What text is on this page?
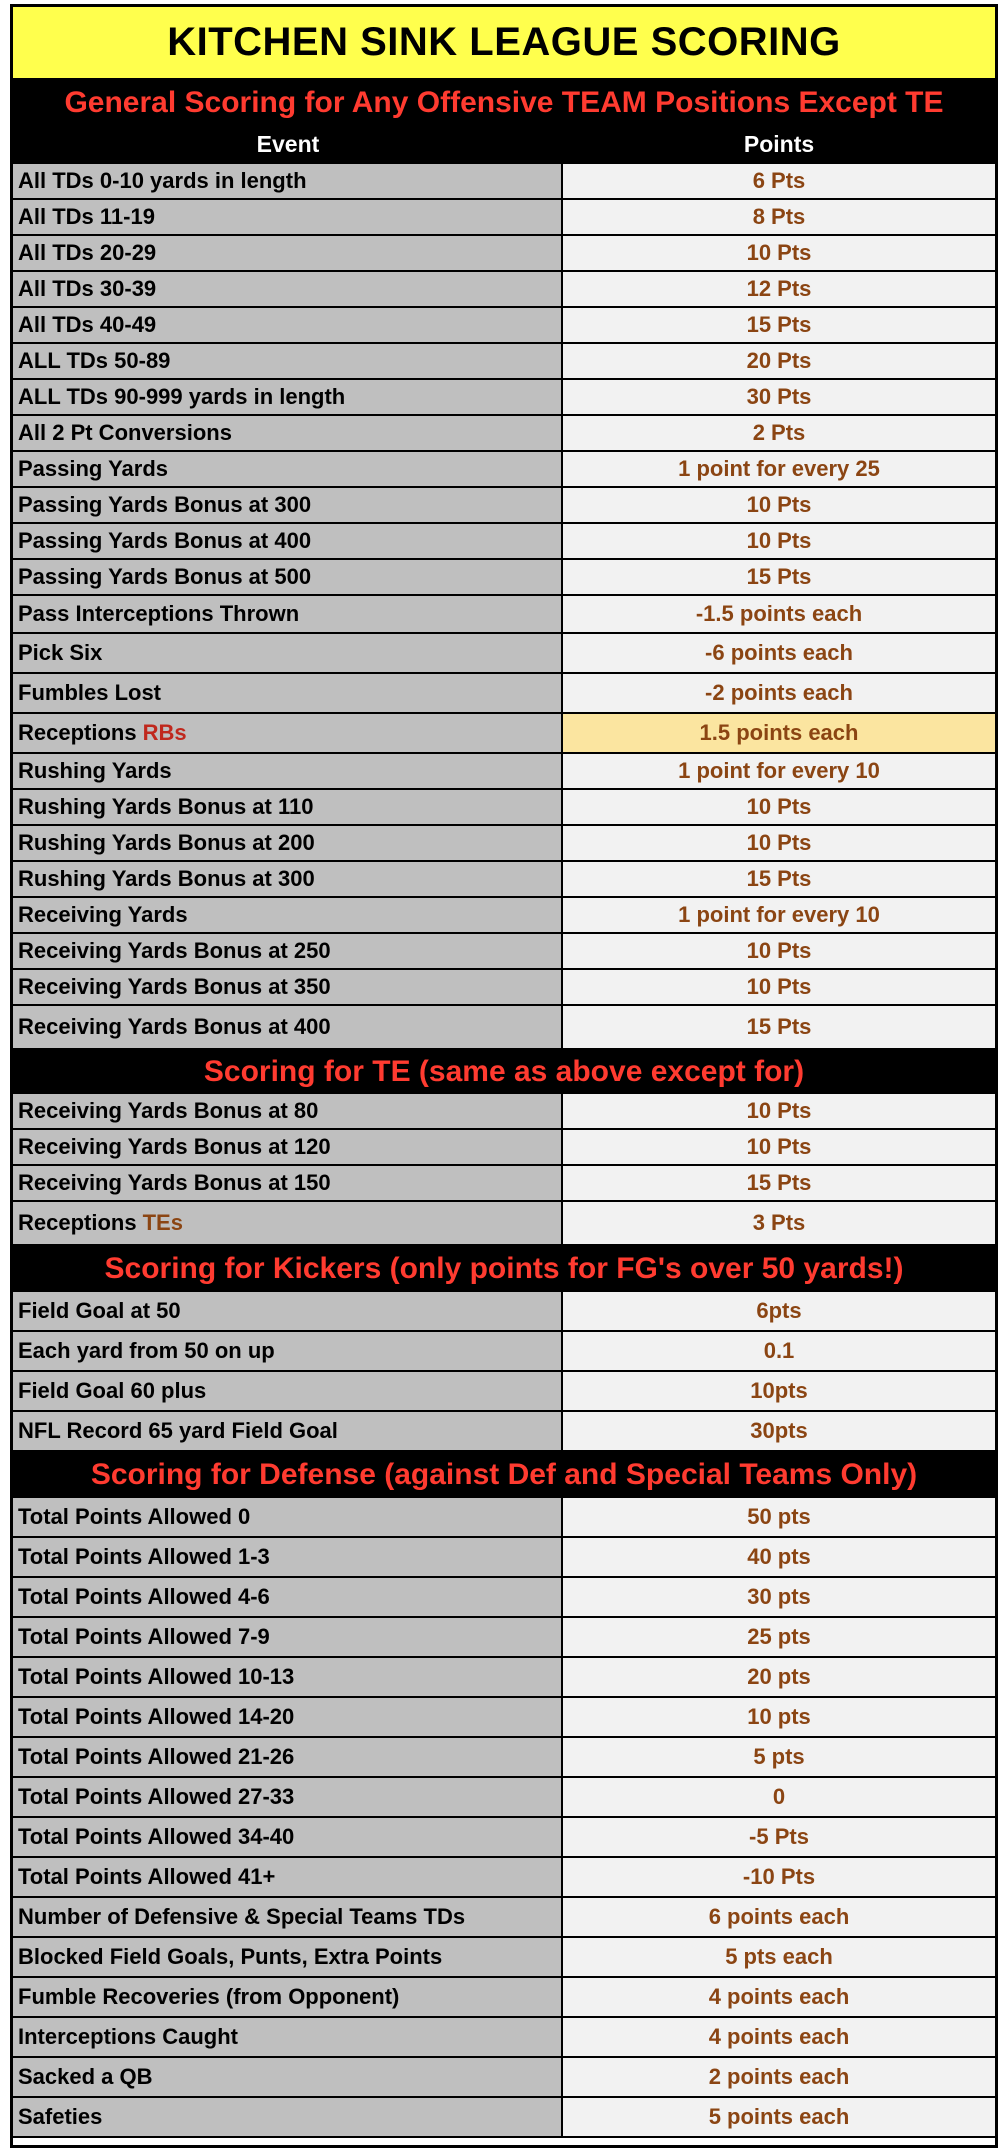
KITCHEN SINK LEAGUE SCORING
General Scoring for Any Offensive TEAM Positions Except TE
Event	Points
All TDs 0-10 yards in length	6 Pts
All TDs 11-19	8 Pts
All TDs 20-29	10 Pts
All TDs 30-39	12 Pts
All TDs 40-49	15 Pts
ALL TDs 50-89	20 Pts
ALL TDs 90-999 yards in length	30 Pts
All 2 Pt Conversions	2 Pts
Passing Yards	1 point for every 25
Passing Yards Bonus at 300	10 Pts
Passing Yards Bonus at 400	10 Pts
Passing Yards Bonus at 500	15 Pts
Pass Interceptions Thrown	-1.5 points each
Pick Six	-6 points each
Fumbles Lost	-2 points each
Receptions RBs	1.5 points each
Rushing Yards	1 point for every 10
Rushing Yards Bonus at 110	10 Pts
Rushing Yards Bonus at 200	10 Pts
Rushing Yards Bonus at 300	15 Pts
Receiving Yards	1 point for every 10
Receiving Yards Bonus at 250	10 Pts
Receiving Yards Bonus at 350	10 Pts
Receiving Yards Bonus at 400	15 Pts
Scoring for TE (same as above except for)
Receiving Yards Bonus at 80	10 Pts
Receiving Yards Bonus at 120	10 Pts
Receiving Yards Bonus at 150	15 Pts
Receptions TEs	3 Pts
Scoring for Kickers (only points for FG's over 50 yards!)
Field Goal at 50	6pts
Each yard from 50 on up	0.1
Field Goal 60 plus	10pts
NFL Record 65 yard Field Goal	30pts
Scoring for Defense (against Def and Special Teams Only)
Total Points Allowed 0	50 pts
Total Points Allowed 1-3	40 pts
Total Points Allowed 4-6	30 pts
Total Points Allowed 7-9	25 pts
Total Points Allowed 10-13	20 pts
Total Points Allowed 14-20	10 pts
Total Points Allowed 21-26	5 pts
Total Points Allowed 27-33	0
Total Points Allowed 34-40	-5 Pts
Total Points Allowed 41+	-10 Pts
Number of Defensive & Special Teams TDs	6 points each
Blocked Field Goals, Punts, Extra Points	5 pts each
Fumble Recoveries (from Opponent)	4 points each
Interceptions Caught	4 points each
Sacked a QB	2 points each
Safeties	5 points each
